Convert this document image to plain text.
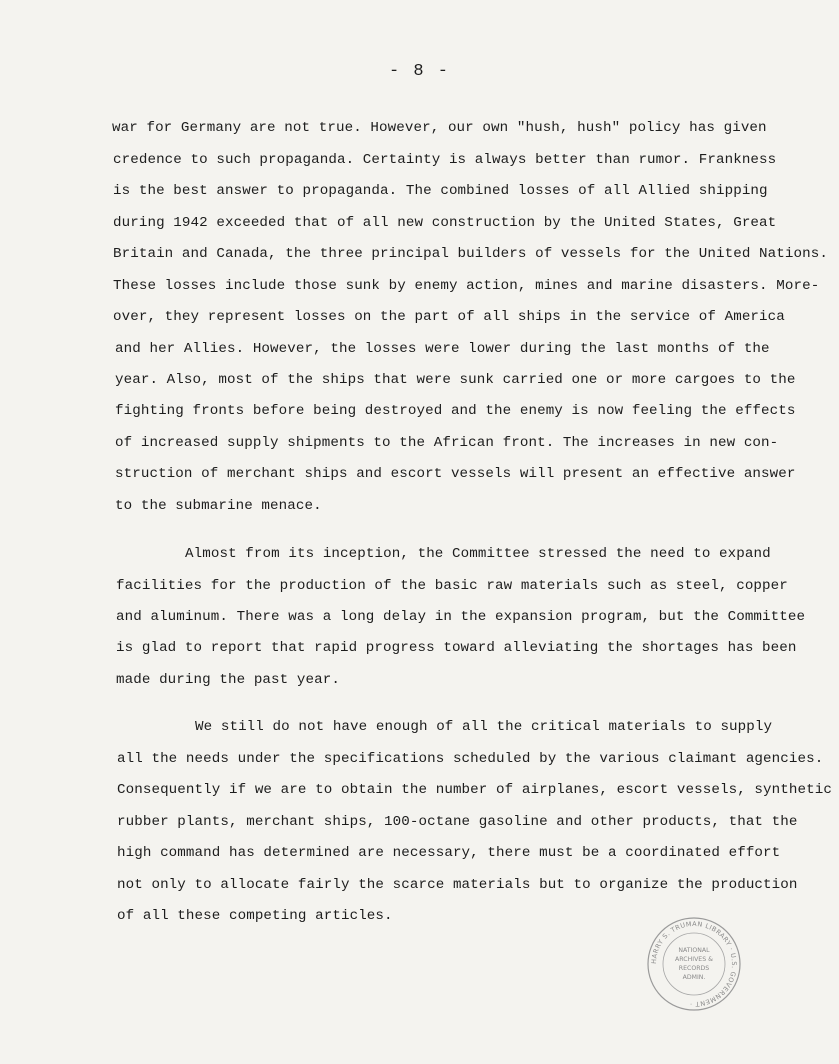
- 8 -
war for Germany are not true. However, our own "hush, hush" policy has given
credence to such propaganda. Certainty is always better than rumor. Frankness
is the best answer to propaganda. The combined losses of all Allied shipping
during 1942 exceeded that of all new construction by the United States, Great
Britain and Canada, the three principal builders of vessels for the United Nations.
These losses include those sunk by enemy action, mines and marine disasters. More-
over, they represent losses on the part of all ships in the service of America
and her Allies. However, the losses were lower during the last months of the
year. Also, most of the ships that were sunk carried one or more cargoes to the
fighting fronts before being destroyed and the enemy is now feeling the effects
of increased supply shipments to the African front. The increases in new con-
struction of merchant ships and escort vessels will present an effective answer
to the submarine menace.
Almost from its inception, the Committee stressed the need to expand
facilities for the production of the basic raw materials such as steel, copper
and aluminum. There was a long delay in the expansion program, but the Committee
is glad to report that rapid progress toward alleviating the shortages has been
made during the past year.
We still do not have enough of all the critical materials to supply
all the needs under the specifications scheduled by the various claimant agencies.
Consequently if we are to obtain the number of airplanes, escort vessels, synthetic
rubber plants, merchant ships, 100-octane gasoline and other products, that the
high command has determined are necessary, there must be a coordinated effort
not only to allocate fairly the scarce materials but to organize the production
of all these competing articles.
HARRY S. TRUMAN LIBRARY · U.S. GOVERNMENT ·
NATIONAL
ARCHIVES &
RECORDS
ADMIN.
